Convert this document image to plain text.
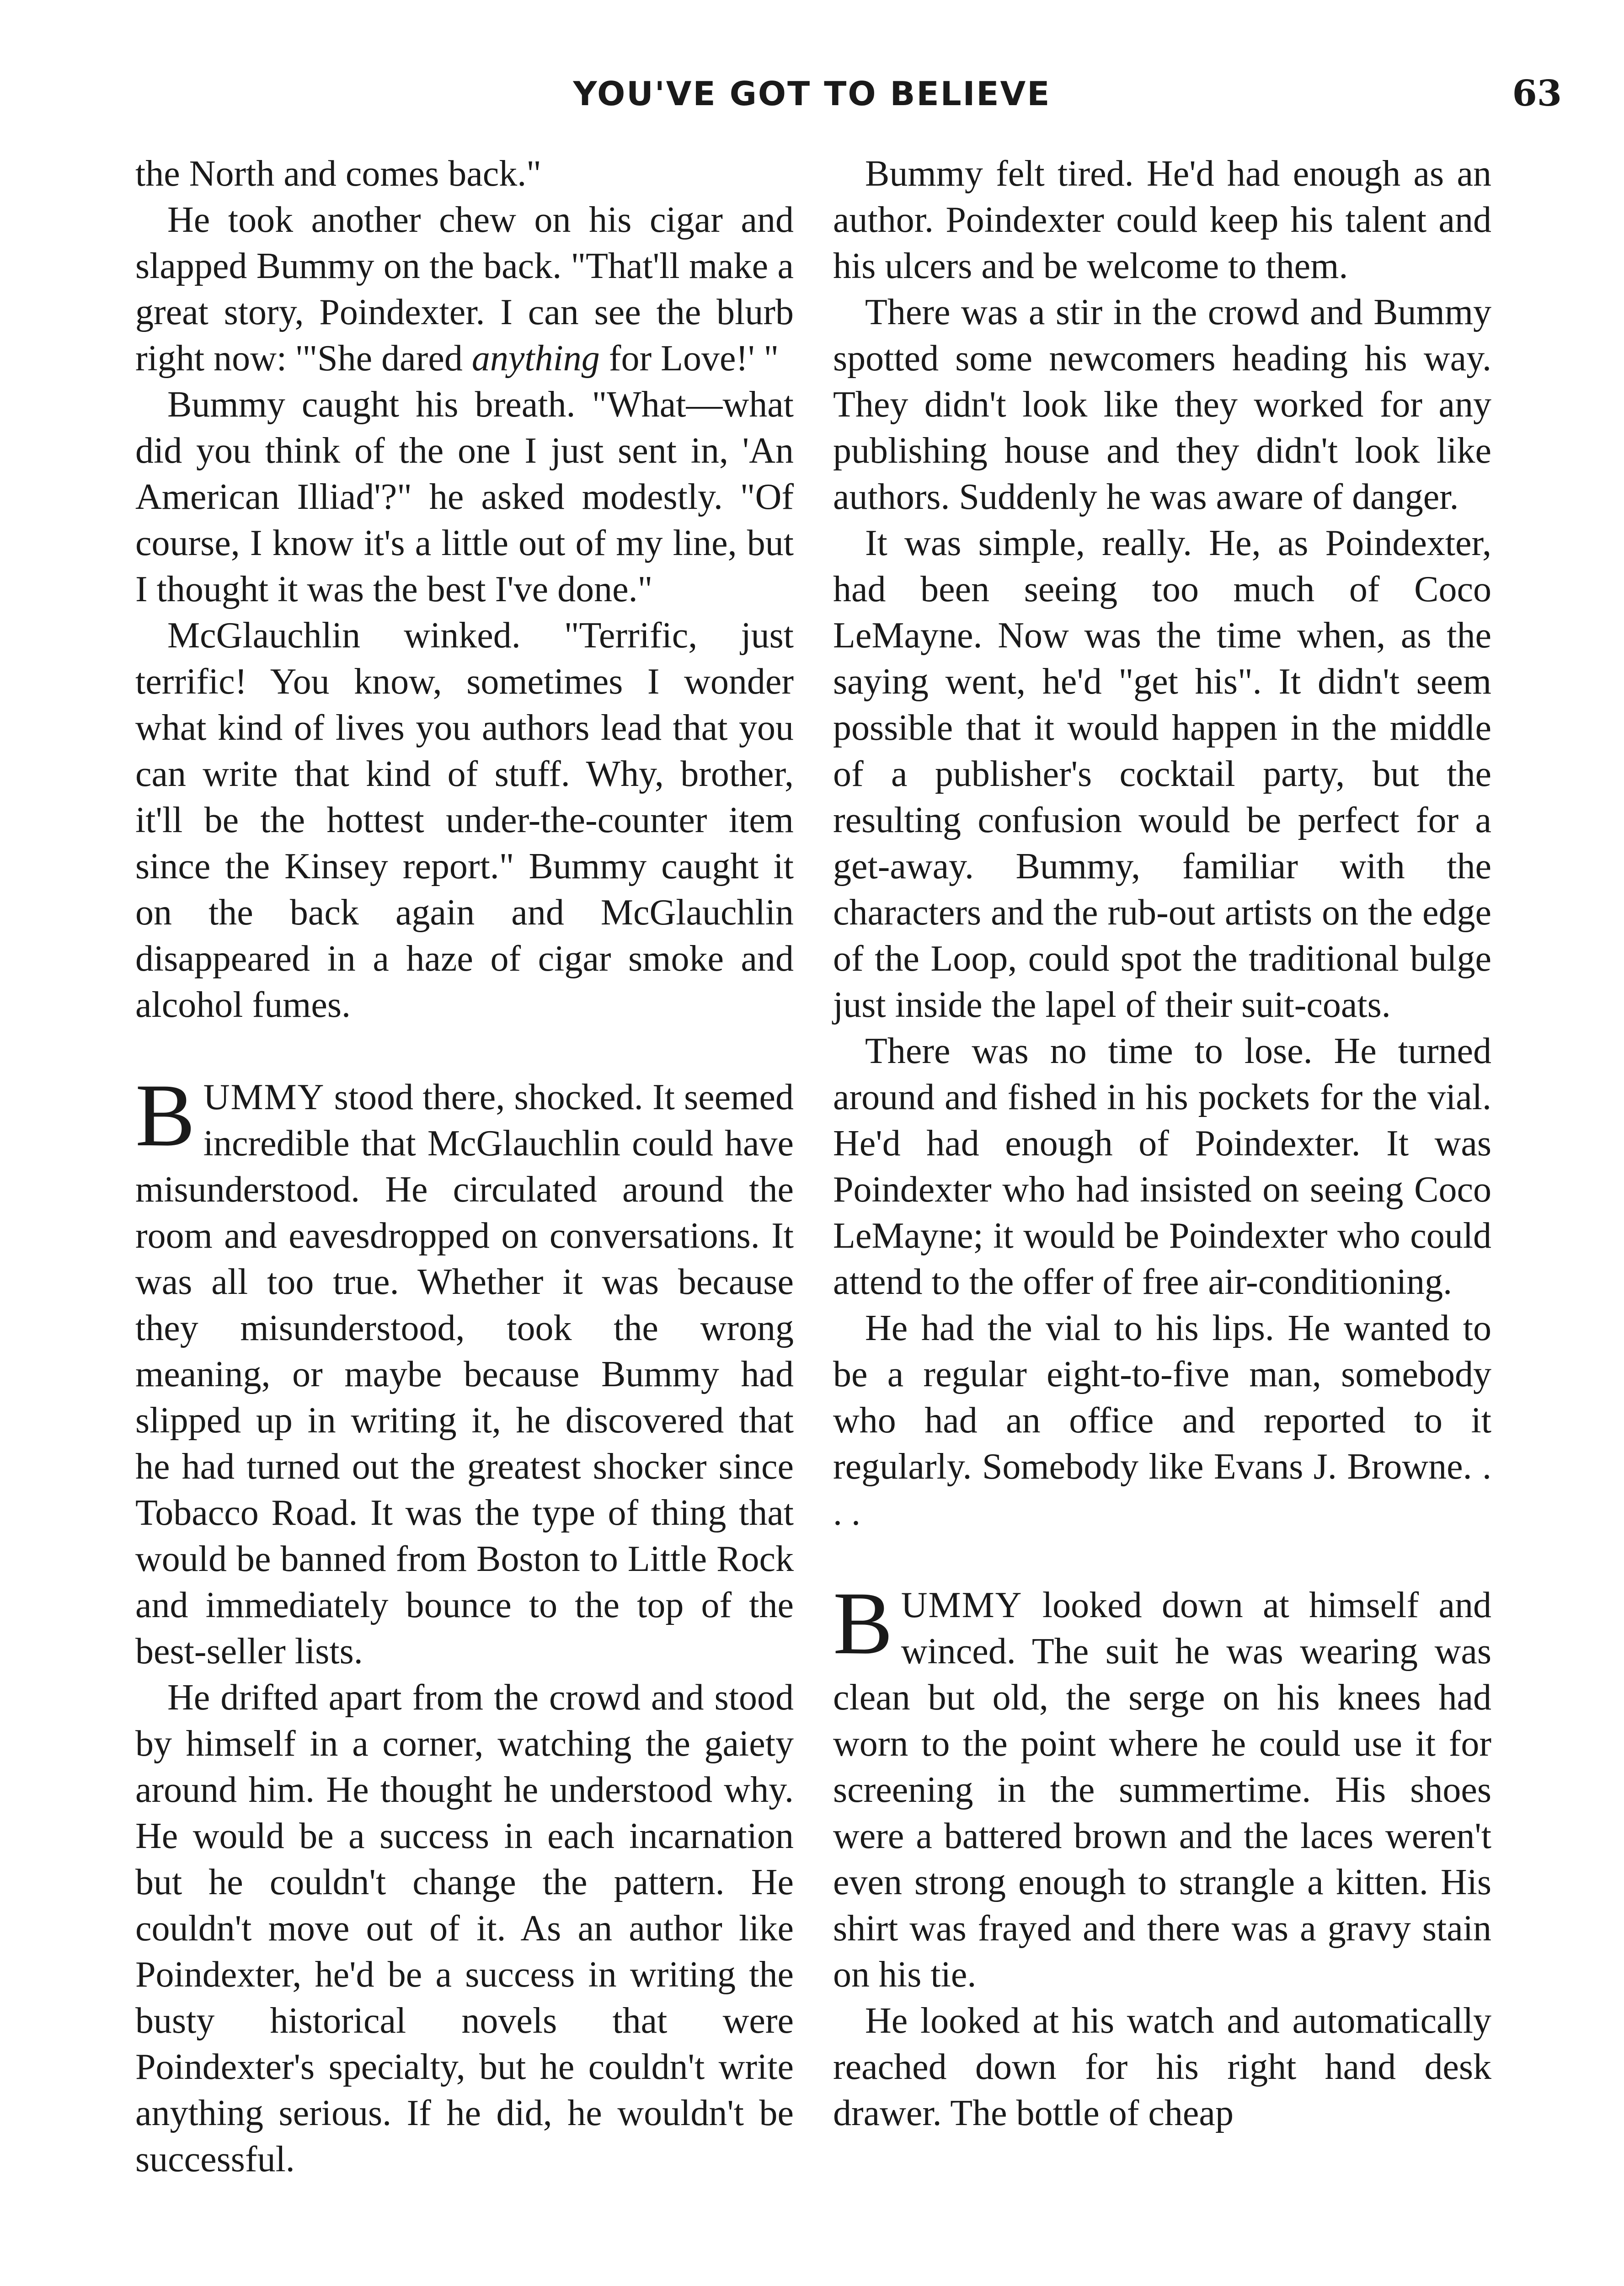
YOU'VE GOT TO BELIEVE	63

the North and comes back."

He took another chew on his cigar and slapped Bummy on the back. "That'll make a great story, Poindexter. I can see the blurb right now: '"She dared anything for Love!' "

Bummy caught his breath. "What—what did you think of the one I just sent in, 'An American Illiad'?" he asked modestly. "Of course, I know it's a little out of my line, but I thought it was the best I've done."

McGlauchlin winked. "Terrific, just terrific! You know, sometimes I wonder what kind of lives you authors lead that you can write that kind of stuff. Why, brother, it'll be the hottest under-the-counter item since the Kinsey report." Bummy caught it on the back again and McGlauchlin disappeared in a haze of cigar smoke and alcohol fumes.

BUMMY stood there, shocked. It seemed incredible that McGlauchlin could have misunderstood. He circulated around the room and eavesdropped on conversations. It was all too true. Whether it was because they misunderstood, took the wrong meaning, or maybe because Bummy had slipped up in writing it, he discovered that he had turned out the greatest shocker since Tobacco Road. It was the type of thing that would be banned from Boston to Little Rock and immediately bounce to the top of the best-seller lists.

He drifted apart from the crowd and stood by himself in a corner, watching the gaiety around him. He thought he understood why. He would be a success in each incarnation but he couldn't change the pattern. He couldn't move out of it. As an author like Poindexter, he'd be a success in writing the busty historical novels that were Poindexter's specialty, but he couldn't write anything serious. If he did, he wouldn't be successful.

Bummy felt tired. He'd had enough as an author. Poindexter could keep his talent and his ulcers and be welcome to them.

There was a stir in the crowd and Bummy spotted some newcomers heading his way. They didn't look like they worked for any publishing house and they didn't look like authors. Suddenly he was aware of danger.

It was simple, really. He, as Poindexter, had been seeing too much of Coco LeMayne. Now was the time when, as the saying went, he'd "get his". It didn't seem possible that it would happen in the middle of a publisher's cocktail party, but the resulting confusion would be perfect for a get-away. Bummy, familiar with the characters and the rub-out artists on the edge of the Loop, could spot the traditional bulge just inside the lapel of their suit-coats.

There was no time to lose. He turned around and fished in his pockets for the vial. He'd had enough of Poindexter. It was Poindexter who had insisted on seeing Coco LeMayne; it would be Poindexter who could attend to the offer of free air-conditioning.

He had the vial to his lips. He wanted to be a regular eight-to-five man, somebody who had an office and reported to it regularly. Somebody like Evans J. Browne. . . .

BUMMY looked down at himself and winced. The suit he was wearing was clean but old, the serge on his knees had worn to the point where he could use it for screening in the summertime. His shoes were a battered brown and the laces weren't even strong enough to strangle a kitten. His shirt was frayed and there was a gravy stain on his tie.

He looked at his watch and automatically reached down for his right hand desk drawer. The bottle of cheap
